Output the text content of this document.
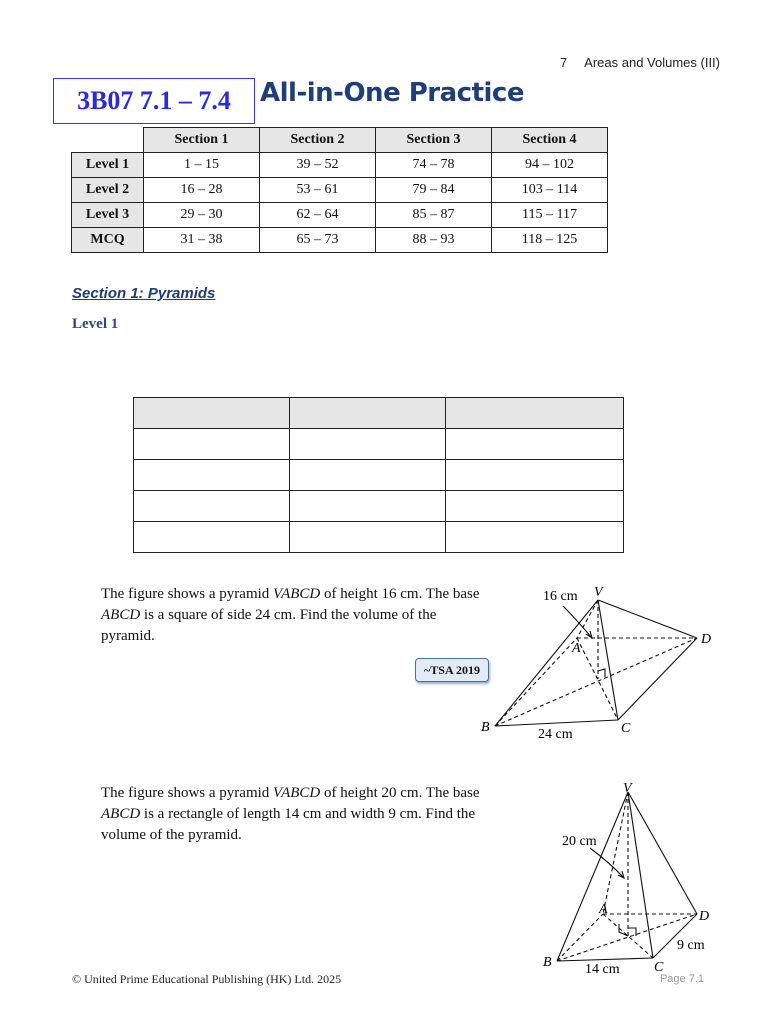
7 Areas and Volumes (III)
3B07 7.1 – 7.4 All-in-One Practice
	Section 1	Section 2	Section 3	Section 4
Level 1	1 – 15	39 – 52	74 – 78	94 – 102
Level 2	16 – 28	53 – 61	79 – 84	103 – 114
Level 3	29 – 30	62 – 64	85 – 87	115 – 117
MCQ	31 – 38	65 – 73	88 – 93	118 – 125
Section 1: Pyramids
Level 1

The figure shows a pyramid VABCD of height 16 cm. The base ABCD is a square of side 24 cm. Find the volume of the pyramid.
~TSA 2019
16 cm V
A
B	C
D
24 cm
The figure shows a pyramid VABCD of height 20 cm. The base ABCD is a rectangle of length 14 cm and width 9 cm. Find the volume of the pyramid.	20 cm
V
A
B	C
D
14 cm
9 cm
© United Prime Educational Publishing (HK) Ltd. 2025	Page 7.1
